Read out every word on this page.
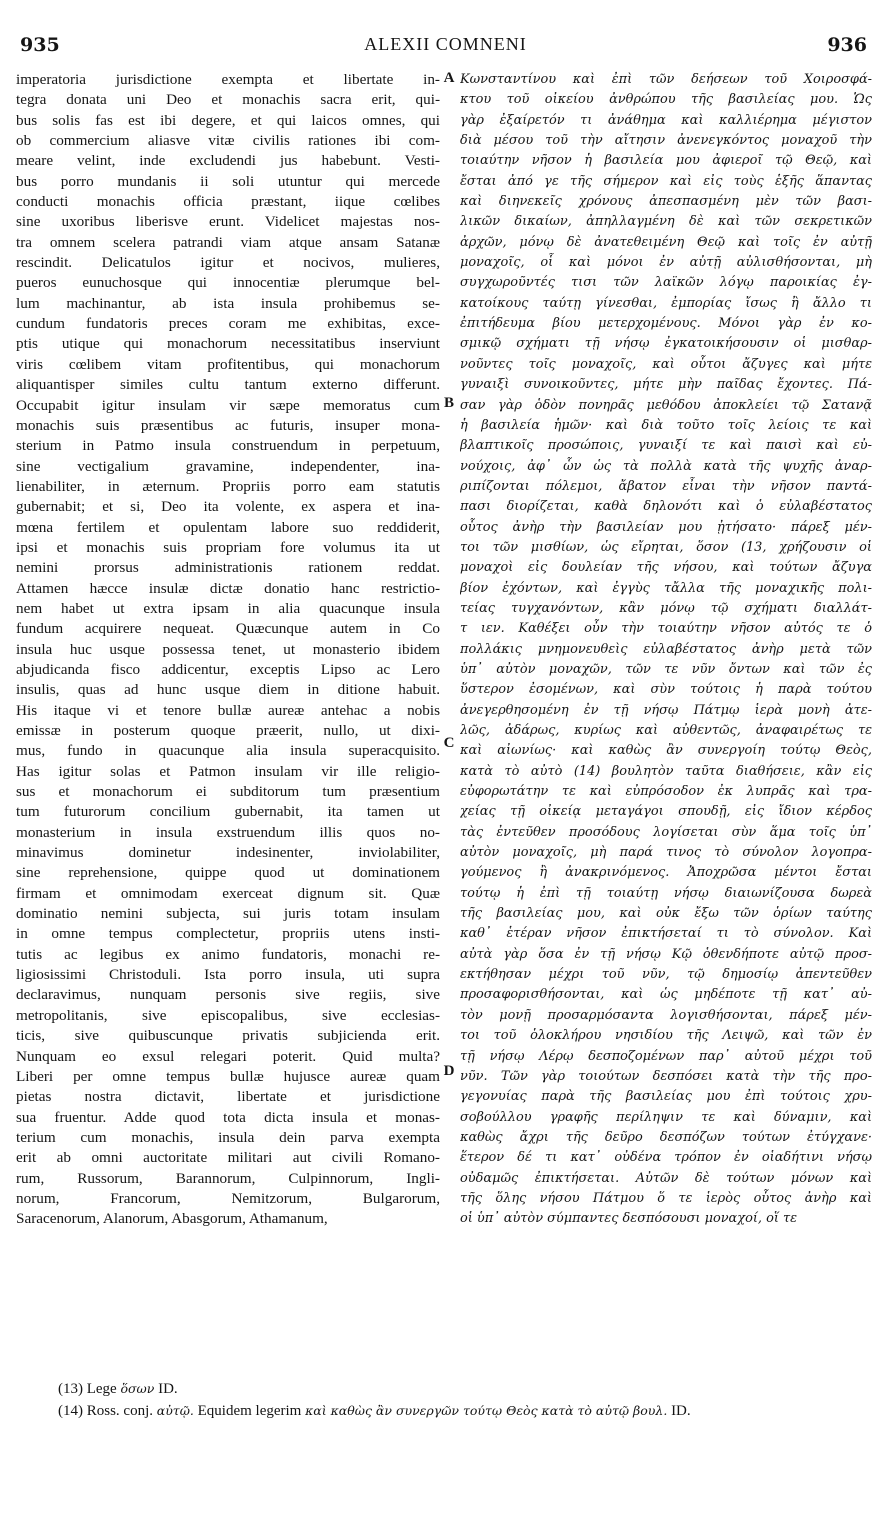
935	ALEXII COMNENI	936
imperatoria jurisdictione exempta et libertate in-
tegra donata uni Deo et monachis sacra erit, qui-
bus solis fas est ibi degere, et qui laicos omnes, qui
ob commercium aliasve vitæ civilis rationes ibi com-
meare velint, inde excludendi jus habebunt. Vesti-
bus porro mundanis ii soli utuntur qui mercede
conducti monachis officia præstant, iique cœlibes
sine uxoribus liberisve erunt. Videlicet majestas nos-
tra omnem scelera patrandi viam atque ansam Satanæ
rescindit. Delicatulos igitur et nocivos, mulieres,
pueros eunuchosque qui innocentiæ plerumque bel-
lum machinantur, ab ista insula prohibemus se-
cundum fundatoris preces coram me exhibitas, exce-
ptis utique qui monachorum necessitatibus inserviunt
viris cœlibem vitam profitentibus, qui monachorum
aliquantisper similes cultu tantum externo differunt.
Occupabit igitur insulam vir sæpe memoratus cum
monachis suis præsentibus ac futuris, insuper mona-
sterium in Patmo insula construendum in perpetuum,
sine vectigalium gravamine, independenter, ina-
lienabiliter, in æternum. Propriis porro eam statutis
gubernabit; et si, Deo ita volente, ex aspera et ina-
mœna fertilem et opulentam labore suo reddiderit,
ipsi et monachis suis propriam fore volumus ita ut
nemini prorsus administrationis rationem reddat.
Attamen hæcce insulæ dictæ donatio hanc restrictio-
nem habet ut extra ipsam in alia quacunque insula
fundum acquirere nequeat. Quæcunque autem in Co
insula huc usque possessa tenet, ut monasterio ibidem
abjudicanda fisco addicentur, exceptis Lipso ac Lero
insulis, quas ad hunc usque diem in ditione habuit.
His itaque vi et tenore bullæ aureæ antehac a nobis
emissæ in posterum quoque præerit, nullo, ut dixi-
mus, fundo in quacunque alia insula superacquisito.
Has igitur solas et Patmon insulam vir ille religio-
sus et monachorum ei subditorum tum præsentium
tum futurorum concilium gubernabit, ita tamen ut
monasterium in insula exstruendum illis quos no-
minavimus dominetur indesinenter, inviolabiliter,
sine reprehensione, quippe quod ut dominationem
firmam et omnimodam exerceat dignum sit. Quæ
dominatio nemini subjecta, sui juris totam insulam
in omne tempus complectetur, propriis utens insti-
tutis ac legibus ex animo fundatoris, monachi re-
ligiosissimi Christoduli. Ista porro insula, uti supra
declaravimus, nunquam personis sive regiis, sive
metropolitanis, sive episcopalibus, sive ecclesias-
ticis, sive quibuscunque privatis subjicienda erit.
Nunquam eo exsul relegari poterit. Quid multa?
Liberi per omne tempus bullæ hujusce aureæ quam
pietas nostra dictavit, libertate et jurisdictione
sua fruentur. Adde quod tota dicta insula et monas-
terium cum monachis, insula dein parva exempta
erit ab omni auctoritate militari aut civili Romano-
rum, Russorum, Barannorum, Culpinnorum, Ingli-
norum, Francorum, Nemitzorum, Bulgarorum,
Saracenorum, Alanorum, Abasgorum, Athamanum,
A
B
C
D
Κωνσταντίνου καὶ ἐπὶ τῶν δεήσεων τοῦ Χοιροσφά-
κτου τοῦ οἰκείου ἀνθρώπου τῆς βασιλείας μου. Ὡς
γὰρ ἐξαίρετόν τι ἀνάθημα καὶ καλλιέρημα μέγιστον
διὰ μέσου τοῦ τὴν αἴτησιν ἀνενεγκόντος μοναχοῦ τὴν
τοιαύτην νῆσον ἡ βασιλεία μου ἀφιεροῖ τῷ Θεῷ, καὶ
ἔσται ἀπό γε τῆς σήμερον καὶ εἰς τοὺς ἑξῆς ἅπαντας
καὶ διηνεκεῖς χρόνους ἀπεσπασμένη μὲν τῶν βασι-
λικῶν δικαίων, ἀπηλλαγμένη δὲ καὶ τῶν σεκρετικῶν
ἀρχῶν, μόνῳ δὲ ἀνατεθειμένη Θεῷ καὶ τοῖς ἐν αὐτῇ
μοναχοῖς, οἷ καὶ μόνοι ἐν αὐτῇ αὐλισθήσονται, μὴ
συγχωροῦντές τισι τῶν λαϊκῶν λόγῳ παροικίας ἐγ-
κατοίκους ταύτῃ γίνεσθαι, ἐμπορίας ἴσως ἢ ἄλλο τι
ἐπιτήδευμα βίου μετερχομένους. Μόνοι γὰρ ἐν κο-
σμικῷ σχήματι τῇ νήσῳ ἐγκατοικήσουσιν οἱ μισθαρ-
νοῦντες τοῖς μοναχοῖς, καὶ οὗτοι ἄζυγες καὶ μήτε
γυναιξὶ συνοικοῦντες, μήτε μὴν παῖδας ἔχοντες. Πά-
σαν γὰρ ὁδὸν πονηρᾶς μεθόδου ἀποκλείει τῷ Σατανᾷ
ἡ βασιλεία ἡμῶν· καὶ διὰ τοῦτο τοῖς λείοις τε καὶ
βλαπτικοῖς προσώποις, γυναιξί τε καὶ παισὶ καὶ εὐ-
νούχοις, ἀφ᾽ ὧν ὡς τὰ πολλὰ κατὰ τῆς ψυχῆς ἀναρ-
ριπίζονται πόλεμοι, ἄβατον εἶναι τὴν νῆσον παντά-
πασι διορίζεται, καθὰ δηλονότι καὶ ὁ εὐλαβέστατος
οὗτος ἀνὴρ τὴν βασιλείαν μου ᾐτήσατο· πάρεξ μέν-
τοι τῶν μισθίων, ὡς εἴρηται, ὅσον (13, χρήζουσιν οἱ
μοναχοὶ εἰς δουλείαν τῆς νήσου, καὶ τούτων ἄζυγα
βίον ἐχόντων, καὶ ἐγγὺς τἄλλα τῆς μοναχικῆς πολι-
τείας τυγχανόντων, κἂν μόνῳ τῷ σχήματι διαλλάτ-
τ ιεν. Καθέξει οὖν τὴν τοιαύτην νῆσον αὐτός τε ὁ
πολλάκις μνημονευθεὶς εὐλαβέστατος ἀνὴρ μετὰ τῶν
ὑπ᾽ αὐτὸν μοναχῶν, τῶν τε νῦν ὄντων καὶ τῶν ἐς
ὕστερον ἐσομένων, καὶ σὺν τούτοις ἡ παρὰ τούτου
ἀνεγερθησομένη ἐν τῇ νήσῳ Πάτμῳ ἱερὰ μονὴ ἀτε-
λῶς, ἀδάρως, κυρίως καὶ αὐθεντῶς, ἀναφαιρέτως τε
καὶ αἰωνίως· καὶ καθὼς ἂν συνεργοίη τούτῳ Θεὸς,
κατὰ τὸ αὐτὸ (14) βουλητὸν ταῦτα διαθήσειε, κἂν εἰς
εὐφορωτάτην τε καὶ εὐπρόσοδον ἐκ λυπρᾶς καὶ τρα-
χείας τῇ οἰκείᾳ μεταγάγοι σπουδῇ, εἰς ἴδιον κέρδος
τὰς ἐντεῦθεν προσόδους λογίσεται σὺν ἅμα τοῖς ὑπ᾽
αὐτὸν μοναχοῖς, μὴ παρά τινος τὸ σύνολον λογοπρα-
γούμενος ἢ ἀνακρινόμενος. Ἀποχρῶσα μέντοι ἔσται
τούτῳ ἡ ἐπὶ τῇ τοιαύτῃ νήσῳ διαιωνίζουσα δωρεὰ
τῆς βασιλείας μου, καὶ οὐκ ἔξω τῶν ὁρίων ταύτης
καθ᾽ ἑτέραν νῆσον ἐπικτήσεταί τι τὸ σύνολον. Καὶ
αὐτὰ γὰρ ὅσα ἐν τῇ νήσῳ Κῷ ὁθενδήποτε αὐτῷ προσ-
εκτήθησαν μέχρι τοῦ νῦν, τῷ δημοσίῳ ἀπεντεῦθεν
προσαφορισθήσονται, καὶ ὡς μηδέποτε τῇ κατ᾽ αὐ-
τὸν μονῇ προσαρμόσαντα λογισθήσονται, πάρεξ μέν-
τοι τοῦ ὁλοκλήρου νησιδίου τῆς Λειψῶ, καὶ τῶν ἐν
τῇ νήσῳ Λέρῳ δεσποζομένων παρ᾽ αὐτοῦ μέχρι τοῦ
νῦν. Τῶν γὰρ τοιούτων δεσπόσει κατὰ τὴν τῆς προ-
γεγονυίας παρὰ τῆς βασιλείας μου ἐπὶ τούτοις χρυ-
σοβούλλου γραφῆς περίληψιν τε καὶ δύναμιν, καὶ
καθὼς ἄχρι τῆς δεῦρο δεσπόζων τούτων ἐτύγχανε·
ἕτερον δέ τι κατ᾽ οὐδένα τρόπον ἐν οἱαδήτινι νήσῳ
οὐδαμῶς ἐπικτήσεται. Αὐτῶν δὲ τούτων μόνων καὶ
τῆς ὅλης νήσου Πάτμου ὅ τε ἱερὸς οὗτος ἀνὴρ καὶ
οἱ ὑπ᾽ αὐτὸν σύμπαντες δεσπόσουσι μοναχοί, οἵ τε
(13) Lege ὅσων ID.
(14) Ross. conj. αὐτῷ. Equidem legerim καὶ καθὼς ἂν συνεργῶν τούτῳ Θεὸς κατὰ τὸ αὐτῷ βουλ. ID.
